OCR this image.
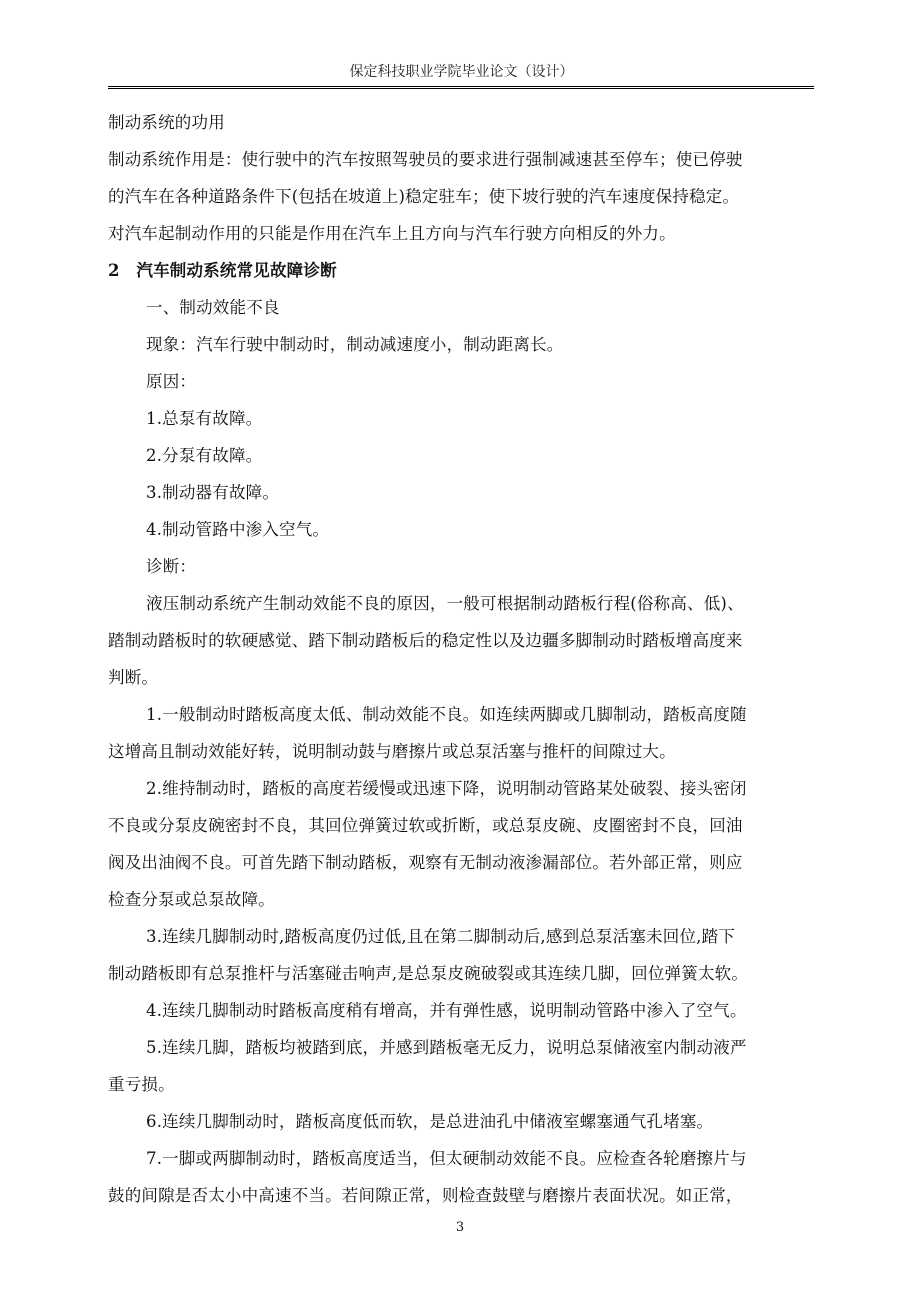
保定科技职业学院毕业论文（设计）

制动系统的功用

制动系统作用是：使行驶中的汽车按照驾驶员的要求进行强制减速甚至停车；使已停驶

的汽车在各种道路条件下(包括在坡道上)稳定驻车；使下坡行驶的汽车速度保持稳定。

对汽车起制动作用的只能是作用在汽车上且方向与汽车行驶方向相反的外力。

2　汽车制动系统常见故障诊断

一、制动效能不良

现象：汽车行驶中制动时，制动减速度小，制动距离长。

原因：

1.总泵有故障。

2.分泵有故障。

3.制动器有故障。

4.制动管路中渗入空气。

诊断：

液压制动系统产生制动效能不良的原因，一般可根据制动踏板行程(俗称高、低)、

踏制动踏板时的软硬感觉、踏下制动踏板后的稳定性以及边疆多脚制动时踏板增高度来

判断。

1.一般制动时踏板高度太低、制动效能不良。如连续两脚或几脚制动，踏板高度随

这增高且制动效能好转，说明制动鼓与磨擦片或总泵活塞与推杆的间隙过大。

2.维持制动时，踏板的高度若缓慢或迅速下降，说明制动管路某处破裂、接头密闭

不良或分泵皮碗密封不良，其回位弹簧过软或折断，或总泵皮碗、皮圈密封不良，回油

阀及出油阀不良。可首先踏下制动踏板，观察有无制动液渗漏部位。若外部正常，则应

检查分泵或总泵故障。

3.连续几脚制动时,踏板高度仍过低,且在第二脚制动后,感到总泵活塞未回位,踏下

制动踏板即有总泵推杆与活塞碰击响声,是总泵皮碗破裂或其连续几脚，回位弹簧太软。

4.连续几脚制动时踏板高度稍有增高，并有弹性感，说明制动管路中渗入了空气。

5.连续几脚，踏板均被踏到底，并感到踏板毫无反力，说明总泵储液室内制动液严

重亏损。

6.连续几脚制动时，踏板高度低而软，是总进油孔中储液室螺塞通气孔堵塞。

7.一脚或两脚制动时，踏板高度适当，但太硬制动效能不良。应检查各轮磨擦片与

鼓的间隙是否太小中高速不当。若间隙正常，则检查鼓壁与磨擦片表面状况。如正常，

3
